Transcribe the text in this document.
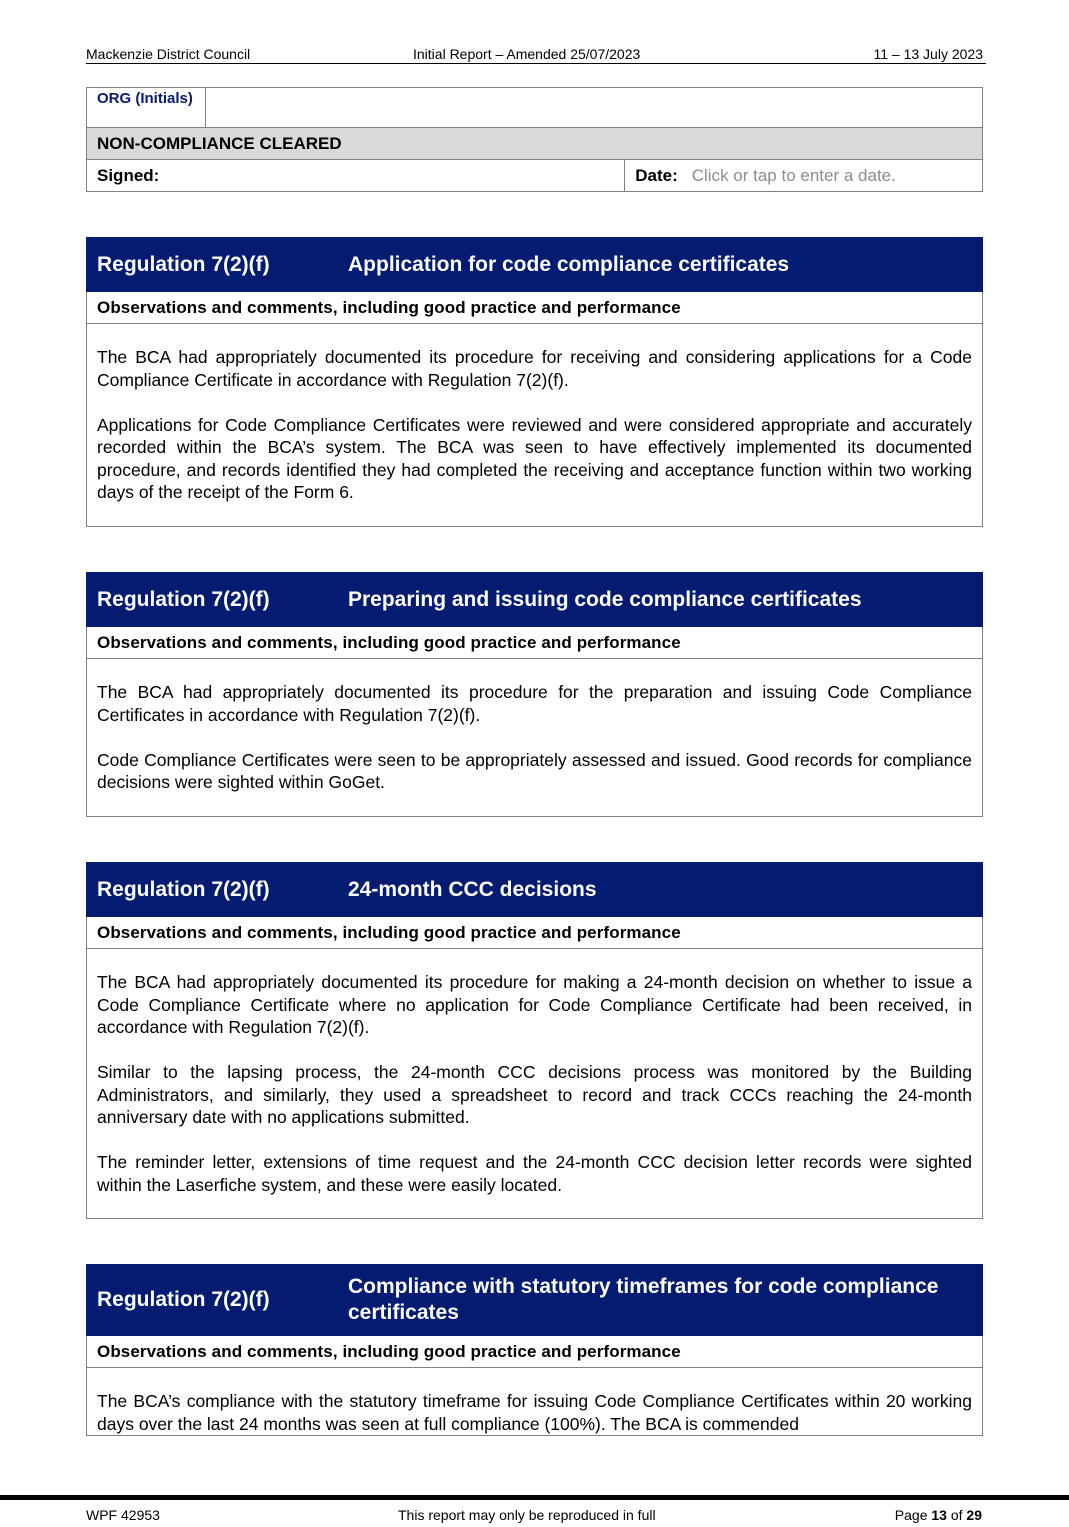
Mackenzie District Council	Initial Report – Amended 25/07/2023	11 – 13 July 2023
ORG (Initials)		
NON-COMPLIANCE CLEARED		
Signed:		Date: Click or tap to enter a date.
Regulation 7(2)(f)	Application for code compliance certificates
Observations and comments, including good practice and performance

The BCA had appropriately documented its procedure for receiving and considering applications for a Code Compliance Certificate in accordance with Regulation 7(2)(f).

Applications for Code Compliance Certificates were reviewed and were considered appropriate and accurately recorded within the BCA’s system. The BCA was seen to have effectively implemented its documented procedure, and records identified they had completed the receiving and acceptance function within two working days of the receipt of the Form 6.

Regulation 7(2)(f)	Preparing and issuing code compliance certificates
Observations and comments, including good practice and performance

The BCA had appropriately documented its procedure for the preparation and issuing Code Compliance Certificates in accordance with Regulation 7(2)(f).

Code Compliance Certificates were seen to be appropriately assessed and issued. Good records for compliance decisions were sighted within GoGet.

Regulation 7(2)(f)	24-month CCC decisions
Observations and comments, including good practice and performance

The BCA had appropriately documented its procedure for making a 24-month decision on whether to issue a Code Compliance Certificate where no application for Code Compliance Certificate had been received, in accordance with Regulation 7(2)(f).

Similar to the lapsing process, the 24-month CCC decisions process was monitored by the Building Administrators, and similarly, they used a spreadsheet to record and track CCCs reaching the 24-month anniversary date with no applications submitted.

The reminder letter, extensions of time request and the 24-month CCC decision letter records were sighted within the Laserfiche system, and these were easily located.

Regulation 7(2)(f)	Compliance with statutory timeframes for code compliance certificates
Observations and comments, including good practice and performance

The BCA’s compliance with the statutory timeframe for issuing Code Compliance Certificates within 20 working days over the last 24 months was seen at full compliance (100%). The BCA is commended

WPF 42953	This report may only be reproduced in full	Page 13 of 29
